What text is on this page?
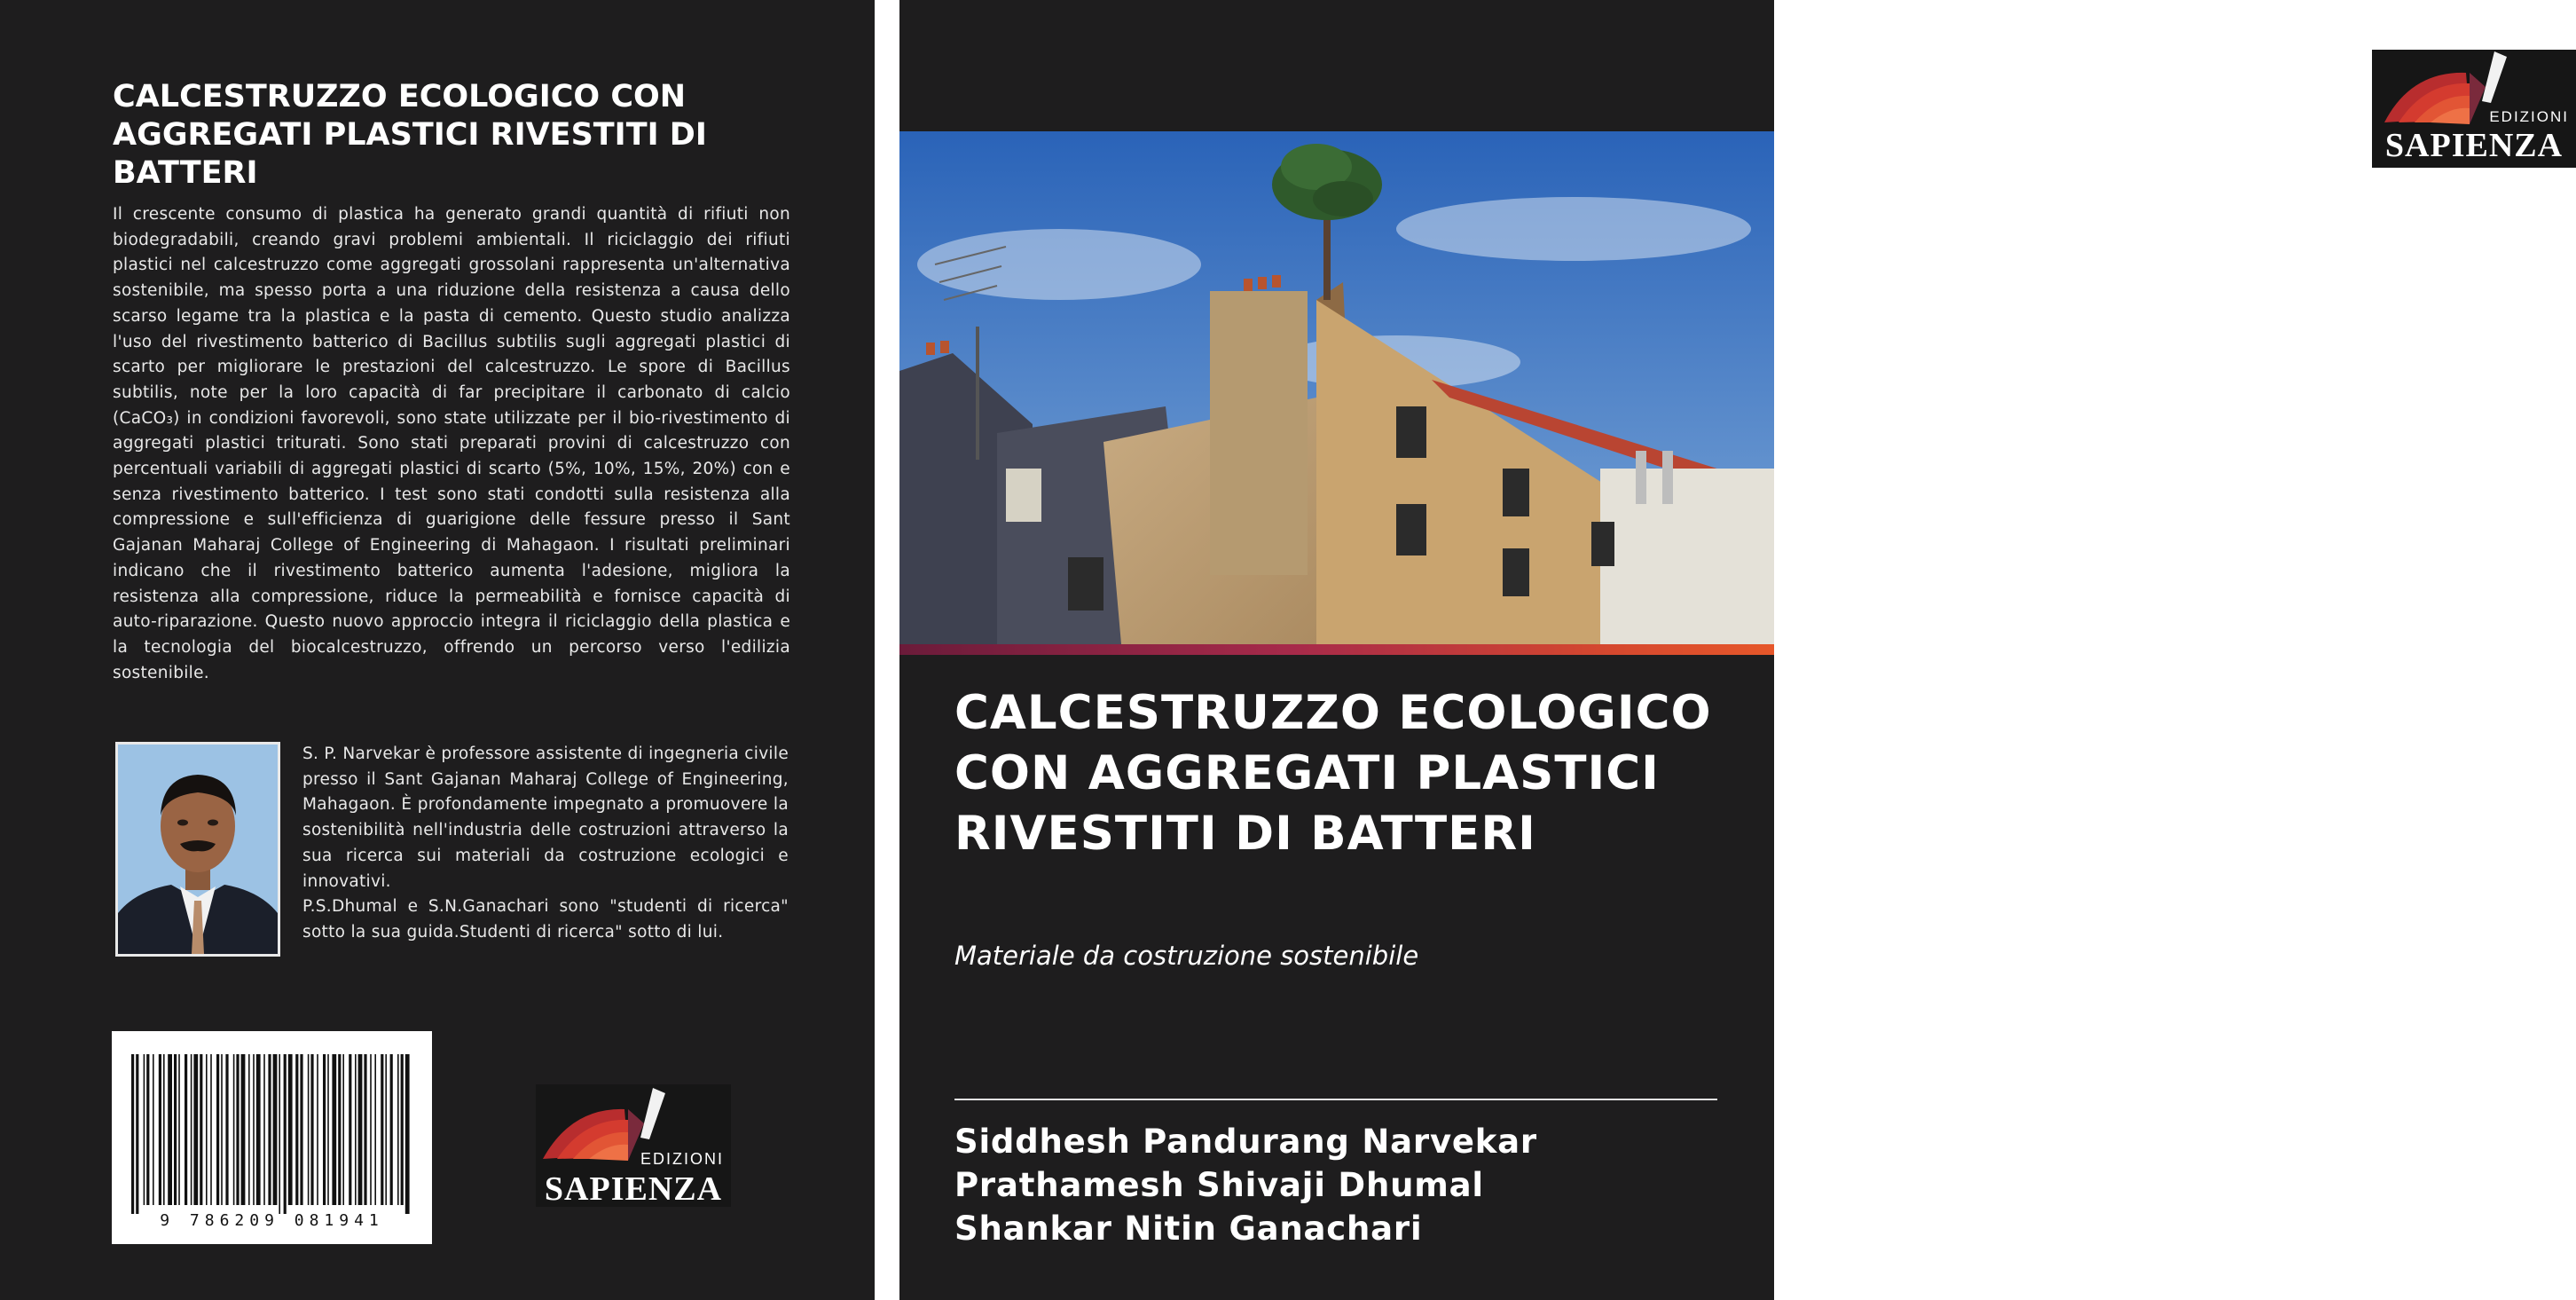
CALCESTRUZZO ECOLOGICO CON AGGREGATI PLASTICI RIVESTITI DI BATTERI

Il crescente consumo di plastica ha generato grandi quantità di rifiuti non biodegradabili, creando gravi problemi ambientali. Il riciclaggio dei rifiuti plastici nel calcestruzzo come aggregati grossolani rappresenta un'alternativa sostenibile, ma spesso porta a una riduzione della resistenza a causa dello scarso legame tra la plastica e la pasta di cemento. Questo studio analizza l'uso del rivestimento batterico di Bacillus subtilis sugli aggregati plastici di scarto per migliorare le prestazioni del calcestruzzo. Le spore di Bacillus subtilis, note per la loro capacità di far precipitare il carbonato di calcio (CaCO₃) in condizioni favorevoli, sono state utilizzate per il bio-rivestimento di aggregati plastici triturati. Sono stati preparati provini di calcestruzzo con percentuali variabili di aggregati plastici di scarto (5%, 10%, 15%, 20%) con e senza rivestimento batterico. I test sono stati condotti sulla resistenza alla compressione e sull'efficienza di guarigione delle fessure presso il Sant Gajanan Maharaj College of Engineering di Mahagaon. I risultati preliminari indicano che il rivestimento batterico aumenta l'adesione, migliora la resistenza alla compressione, riduce la permeabilità e fornisce capacità di auto-riparazione. Questo nuovo approccio integra il riciclaggio della plastica e la tecnologia del biocalcestruzzo, offrendo un percorso verso l'edilizia sostenibile.

S. P. Narvekar è professore assistente di ingegneria civile presso il Sant Gajanan Maharaj College of Engineering, Mahagaon. È profondamente impegnato a promuovere la sostenibilità nell'industria delle costruzioni attraverso la sua ricerca sui materiali da costruzione ecologici e innovativi.

P.S.Dhumal e S.N.Ganachari sono "studenti di ricerca" sotto la sua guida.Studenti di ricerca" sotto di lui.

9 786209 081941
EDIZIONI
SAPIENZA
EDIZIONI
SAPIENZA
CALCESTRUZZO ECOLOGICO CON AGGREGATI PLASTICI RIVESTITI DI BATTERI

Materiale da costruzione sostenibile

Siddhesh Pandurang Narvekar
Prathamesh Shivaji Dhumal
Shankar Nitin Ganachari
